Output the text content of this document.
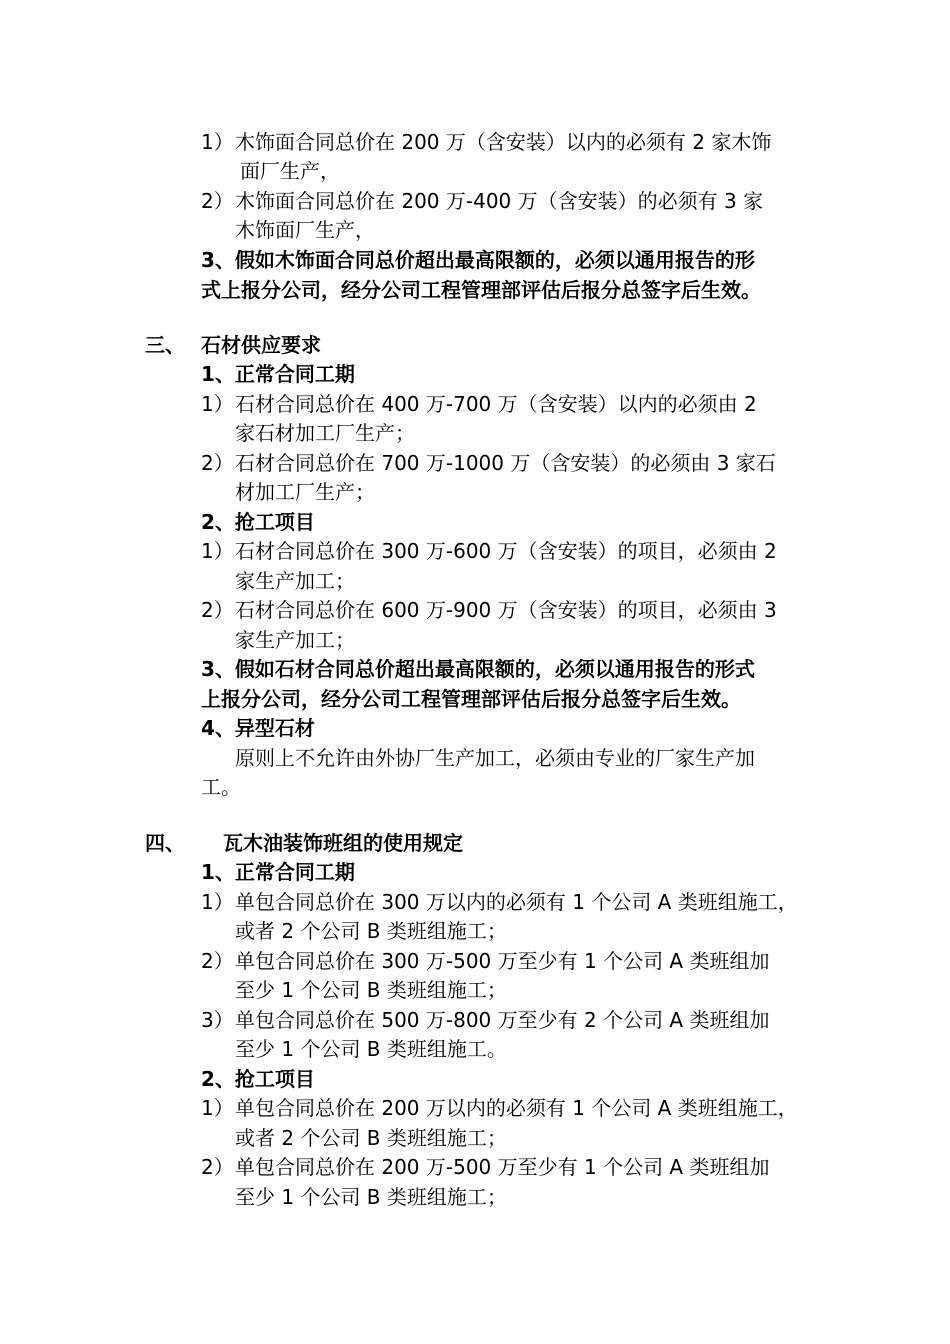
1） 木饰面合同总价在 200 万（含安装）以内的必须有 2 家木饰
面厂生产，
2） 木饰面合同总价在 200 万-400 万（含安装）的必须有 3 家
木饰面厂生产，
3、假如木饰面合同总价超出最高限额的，必须以通用报告的形
式上报分公司，经分公司工程管理部评估后报分总签字后生效。
三、 石材供应要求
1、正常合同工期
1） 石材合同总价在 400 万-700 万（含安装）以内的必须由 2
家石材加工厂生产；
2） 石材合同总价在 700 万-1000 万（含安装）的必须由 3 家石
材加工厂生产；
2、抢工项目
1） 石材合同总价在 300 万-600 万（含安装）的项目，必须由 2
家生产加工；
2） 石材合同总价在 600 万-900 万（含安装）的项目，必须由 3
家生产加工；
3、假如石材合同总价超出最高限额的，必须以通用报告的形式
上报分公司，经分公司工程管理部评估后报分总签字后生效。
4、异型石材
原则上不允许由外协厂生产加工，必须由专业的厂家生产加
工。
四、 瓦木油装饰班组的使用规定
1、正常合同工期
1） 单包合同总价在 300 万以内的必须有 1 个公司 A 类班组施工，
或者 2 个公司 B 类班组施工；
2） 单包合同总价在 300 万-500 万至少有 1 个公司 A 类班组加
至少 1 个公司 B 类班组施工；
3） 单包合同总价在 500 万-800 万至少有 2 个公司 A 类班组加
至少 1 个公司 B 类班组施工。
2、抢工项目
1） 单包合同总价在 200 万以内的必须有 1 个公司 A 类班组施工，
或者 2 个公司 B 类班组施工；
2） 单包合同总价在 200 万-500 万至少有 1 个公司 A 类班组加
至少 1 个公司 B 类班组施工；
